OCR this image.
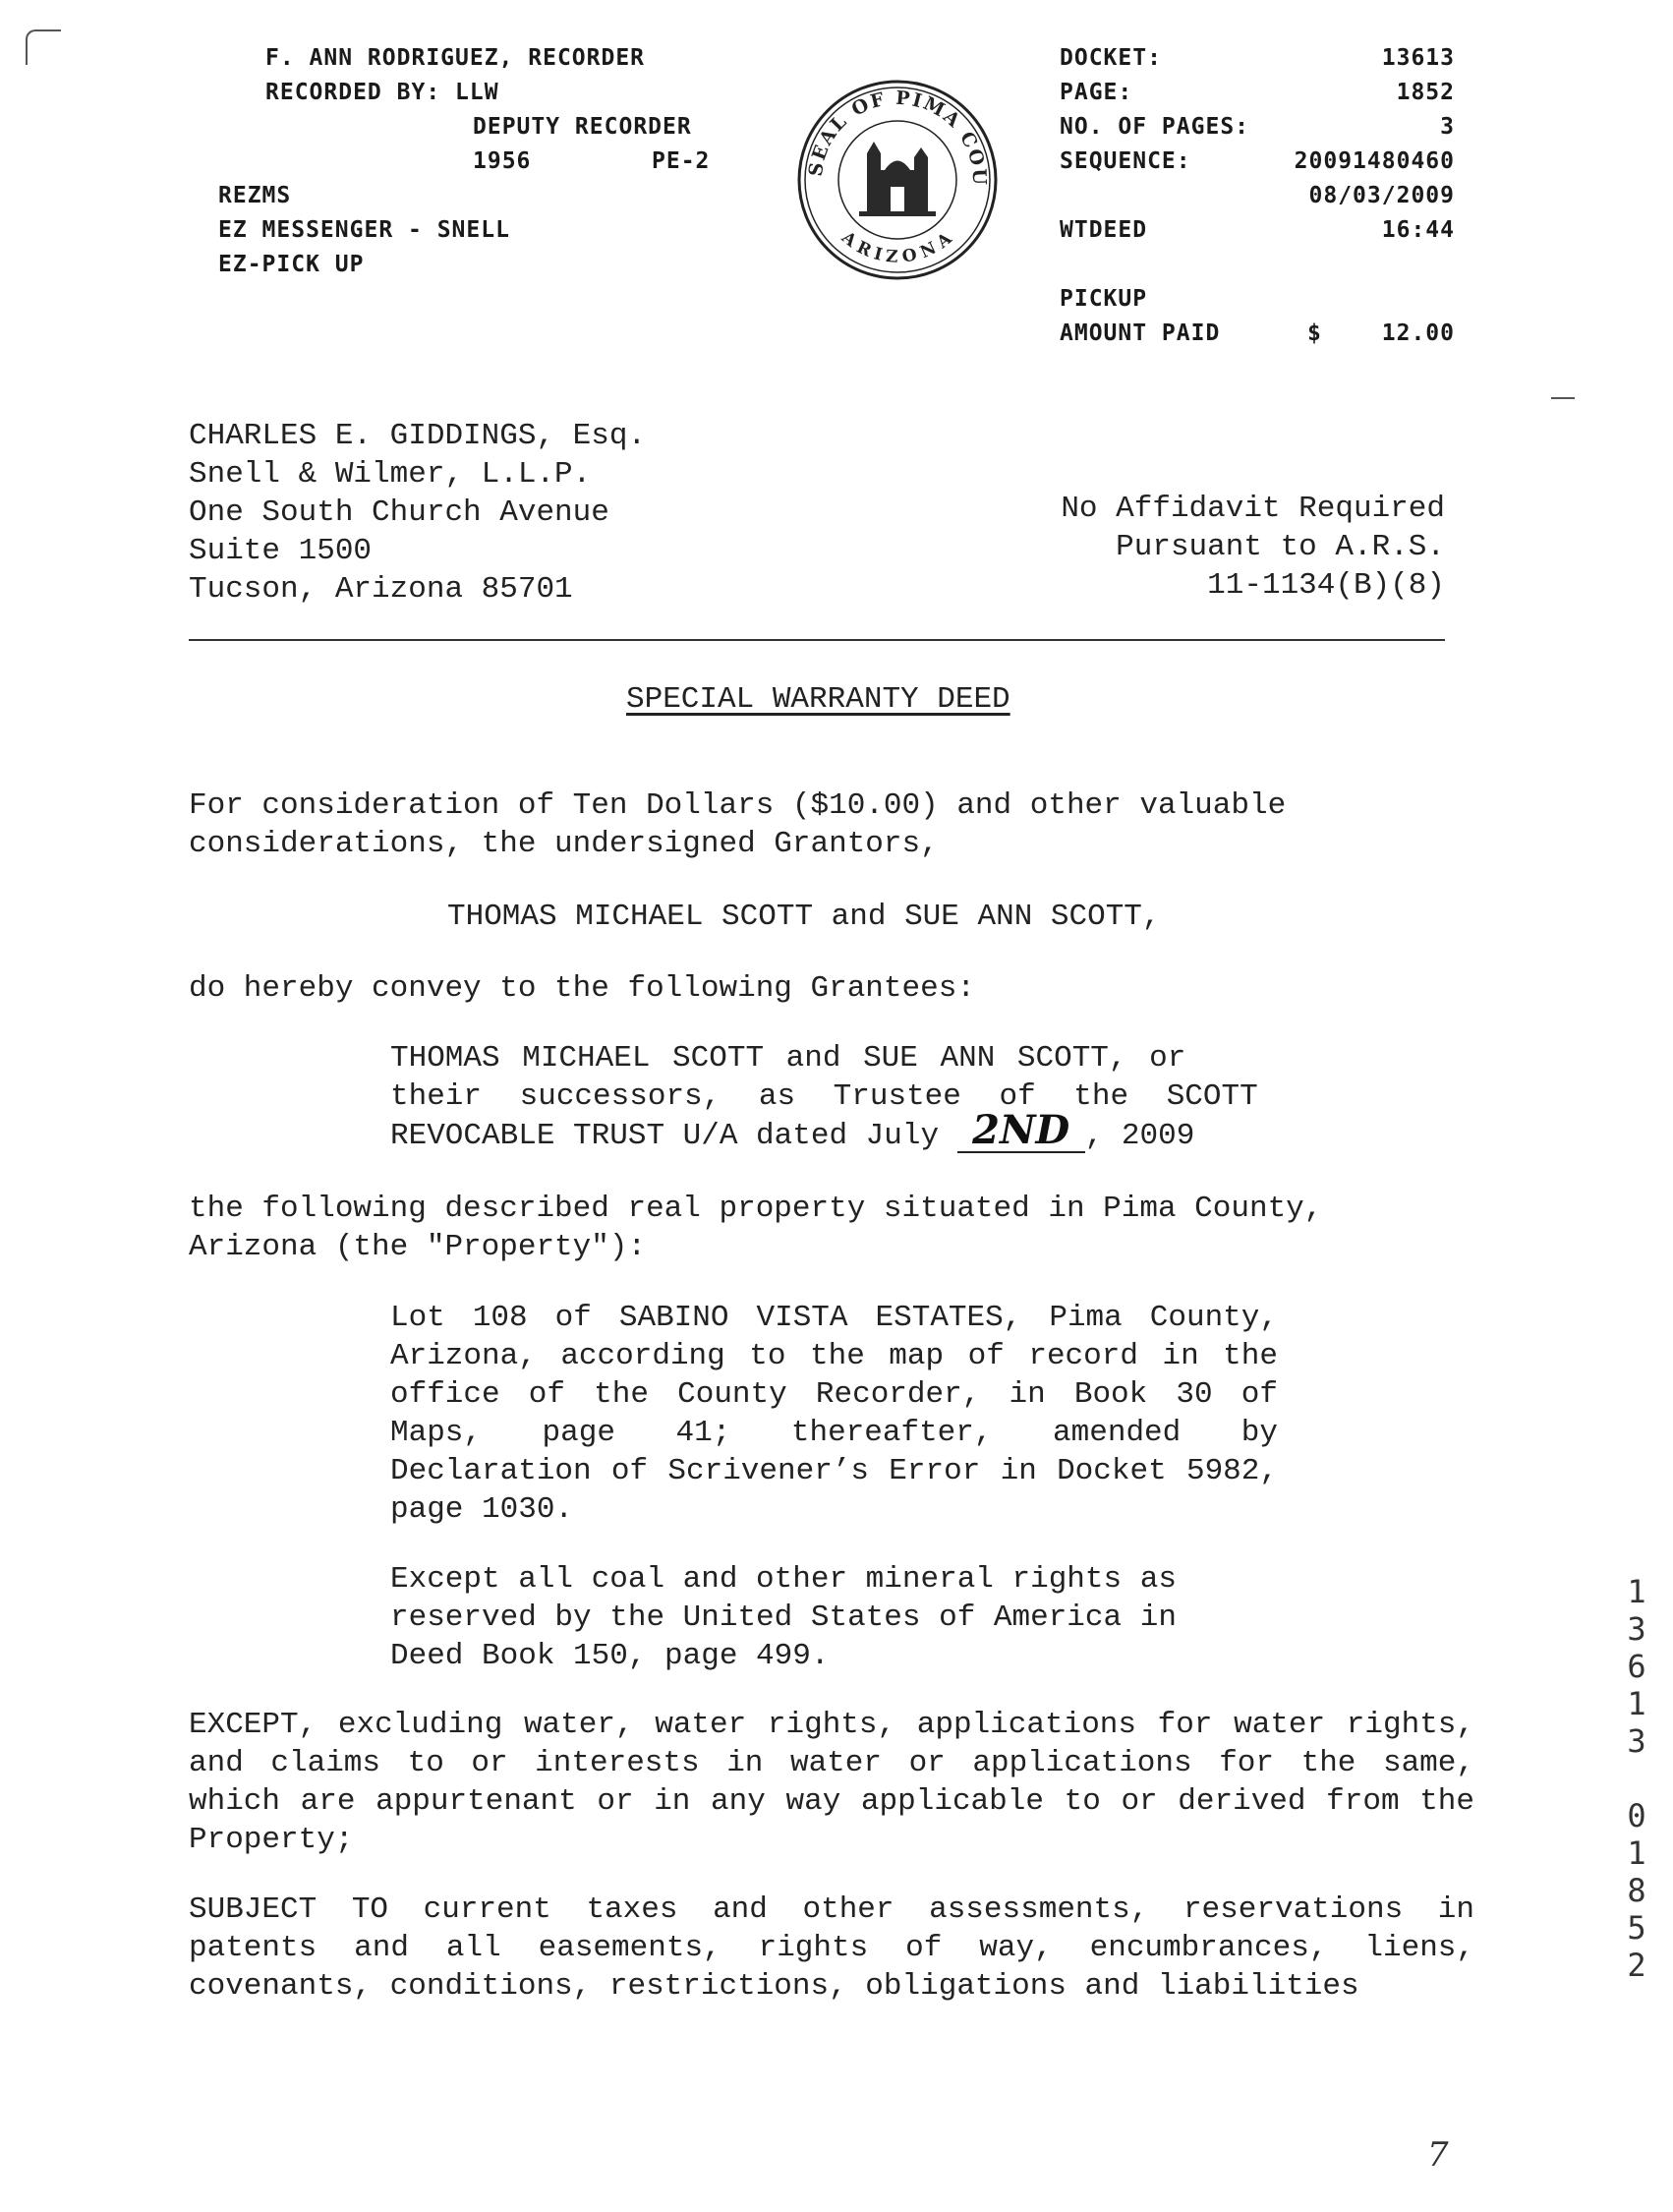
F. ANN RODRIGUEZ, RECORDER
RECORDED BY: LLW
DEPUTY RECORDER
1956	PE-2
REZMS
EZ MESSENGER - SNELL
EZ-PICK UP
SEAL OF PIMA COU
ARIZONA
DOCKET:	13613
PAGE:	1852
NO. OF PAGES:	3
SEQUENCE:	20091480460
08/03/2009
WTDEED	16:44
PICKUP
AMOUNT PAID	$	12.00

CHARLES E. GIDDINGS, Esq.
Snell & Wilmer, L.L.P.
One South Church Avenue
Suite 1500
Tucson, Arizona 85701
No Affidavit Required
Pursuant to A.R.S.
11-1134(B)(8)
SPECIAL WARRANTY DEED
For consideration of Ten Dollars ($10.00) and other valuable
considerations, the undersigned Grantors,
THOMAS MICHAEL SCOTT and SUE ANN SCOTT,
do hereby convey to the following Grantees:
THOMAS MICHAEL SCOTT and SUE ANN SCOTT, or
their successors, as Trustee of the SCOTT
REVOCABLE TRUST U/A dated July 2ND , 2009
the following described real property situated in Pima County,
Arizona (the "Property"):
Lot 108 of SABINO VISTA ESTATES, Pima County, Arizona, according to the map of record in the office of the County Recorder, in Book 30 of Maps, page 41; thereafter, amended by Declaration of Scrivener’s Error in Docket 5982, page 1030.
Except all coal and other mineral rights as
reserved by the United States of America in
Deed Book 150, page 499.
EXCEPT, excluding water, water rights, applications for water rights, and claims to or interests in water or applications for the same, which are appurtenant or in any way applicable to or derived from the Property;
SUBJECT TO current taxes and other assessments, reservations in patents and all easements, rights of way, encumbrances, liens, covenants, conditions, restrictions, obligations and liabilities
1
3
6
1
3

0
1
8
5
2
7
